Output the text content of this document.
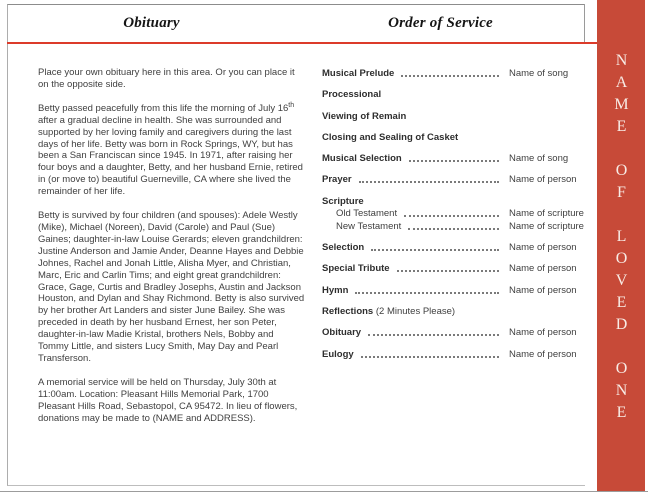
Obituary	Order of Service

Place your own obituary here in this area. Or you can place it on the opposite side.

Betty passed peacefully from this life the morning of July 16th after a gradual decline in health. She was surrounded and supported by her loving family and caregivers during the last days of her life. Betty was born in Rock Springs, WY, but has been a San Franciscan since 1945. In 1971, after raising her four boys and a daughter, Betty, and her husband Ernie, retired in (or move to) beautiful Guerneville, CA where she lived the remainder of her life.

Betty is survived by four children (and spouses): Adele Westly (Mike), Michael (Noreen), David (Carole) and Paul (Sue) Gaines; daughter-in-law Louise Gerards; eleven grandchildren: Justine Anderson and Jamie Ander, Deanne Hayes and Debbie Johnes, Rachel and Jonah Little, Alisha Myer, and Christian, Marc, Eric and Carlin Tims; and eight great grandchildren: Grace, Gage, Curtis and Bradley Josephs, Austin and Jackson Houston, and Dylan and Shay Richmond. Betty is also survived by her brother Art Landers and sister June Bailey. She was preceded in death by her husband Ernest, her son Peter, daughter-in-law Madie Kristal, brothers Nels, Bobby and Tommy Little, and sisters Lucy Smith, May Day and Pearl Transferson.

A memorial service will be held on Thursday, July 30th at 11:00am. Location: Pleasant Hills Memorial Park, 1700 Pleasant Hills Road, Sebastopol, CA 95472. In lieu of flowers, donations may be made to (NAME and ADDRESS).

Musical Prelude	Name of song
Processional
Viewing of Remain
Closing and Sealing of Casket
Musical Selection	Name of song
Prayer	Name of person
Scripture
Old Testament	Name of scripture
New Testament	Name of scripture
Selection	Name of person
Special Tribute	Name of person
Hymn	Name of person
Reflections (2 Minutes Please)
Obituary	Name of person
Eulogy	Name of person	NAME OF LOVED ONE
